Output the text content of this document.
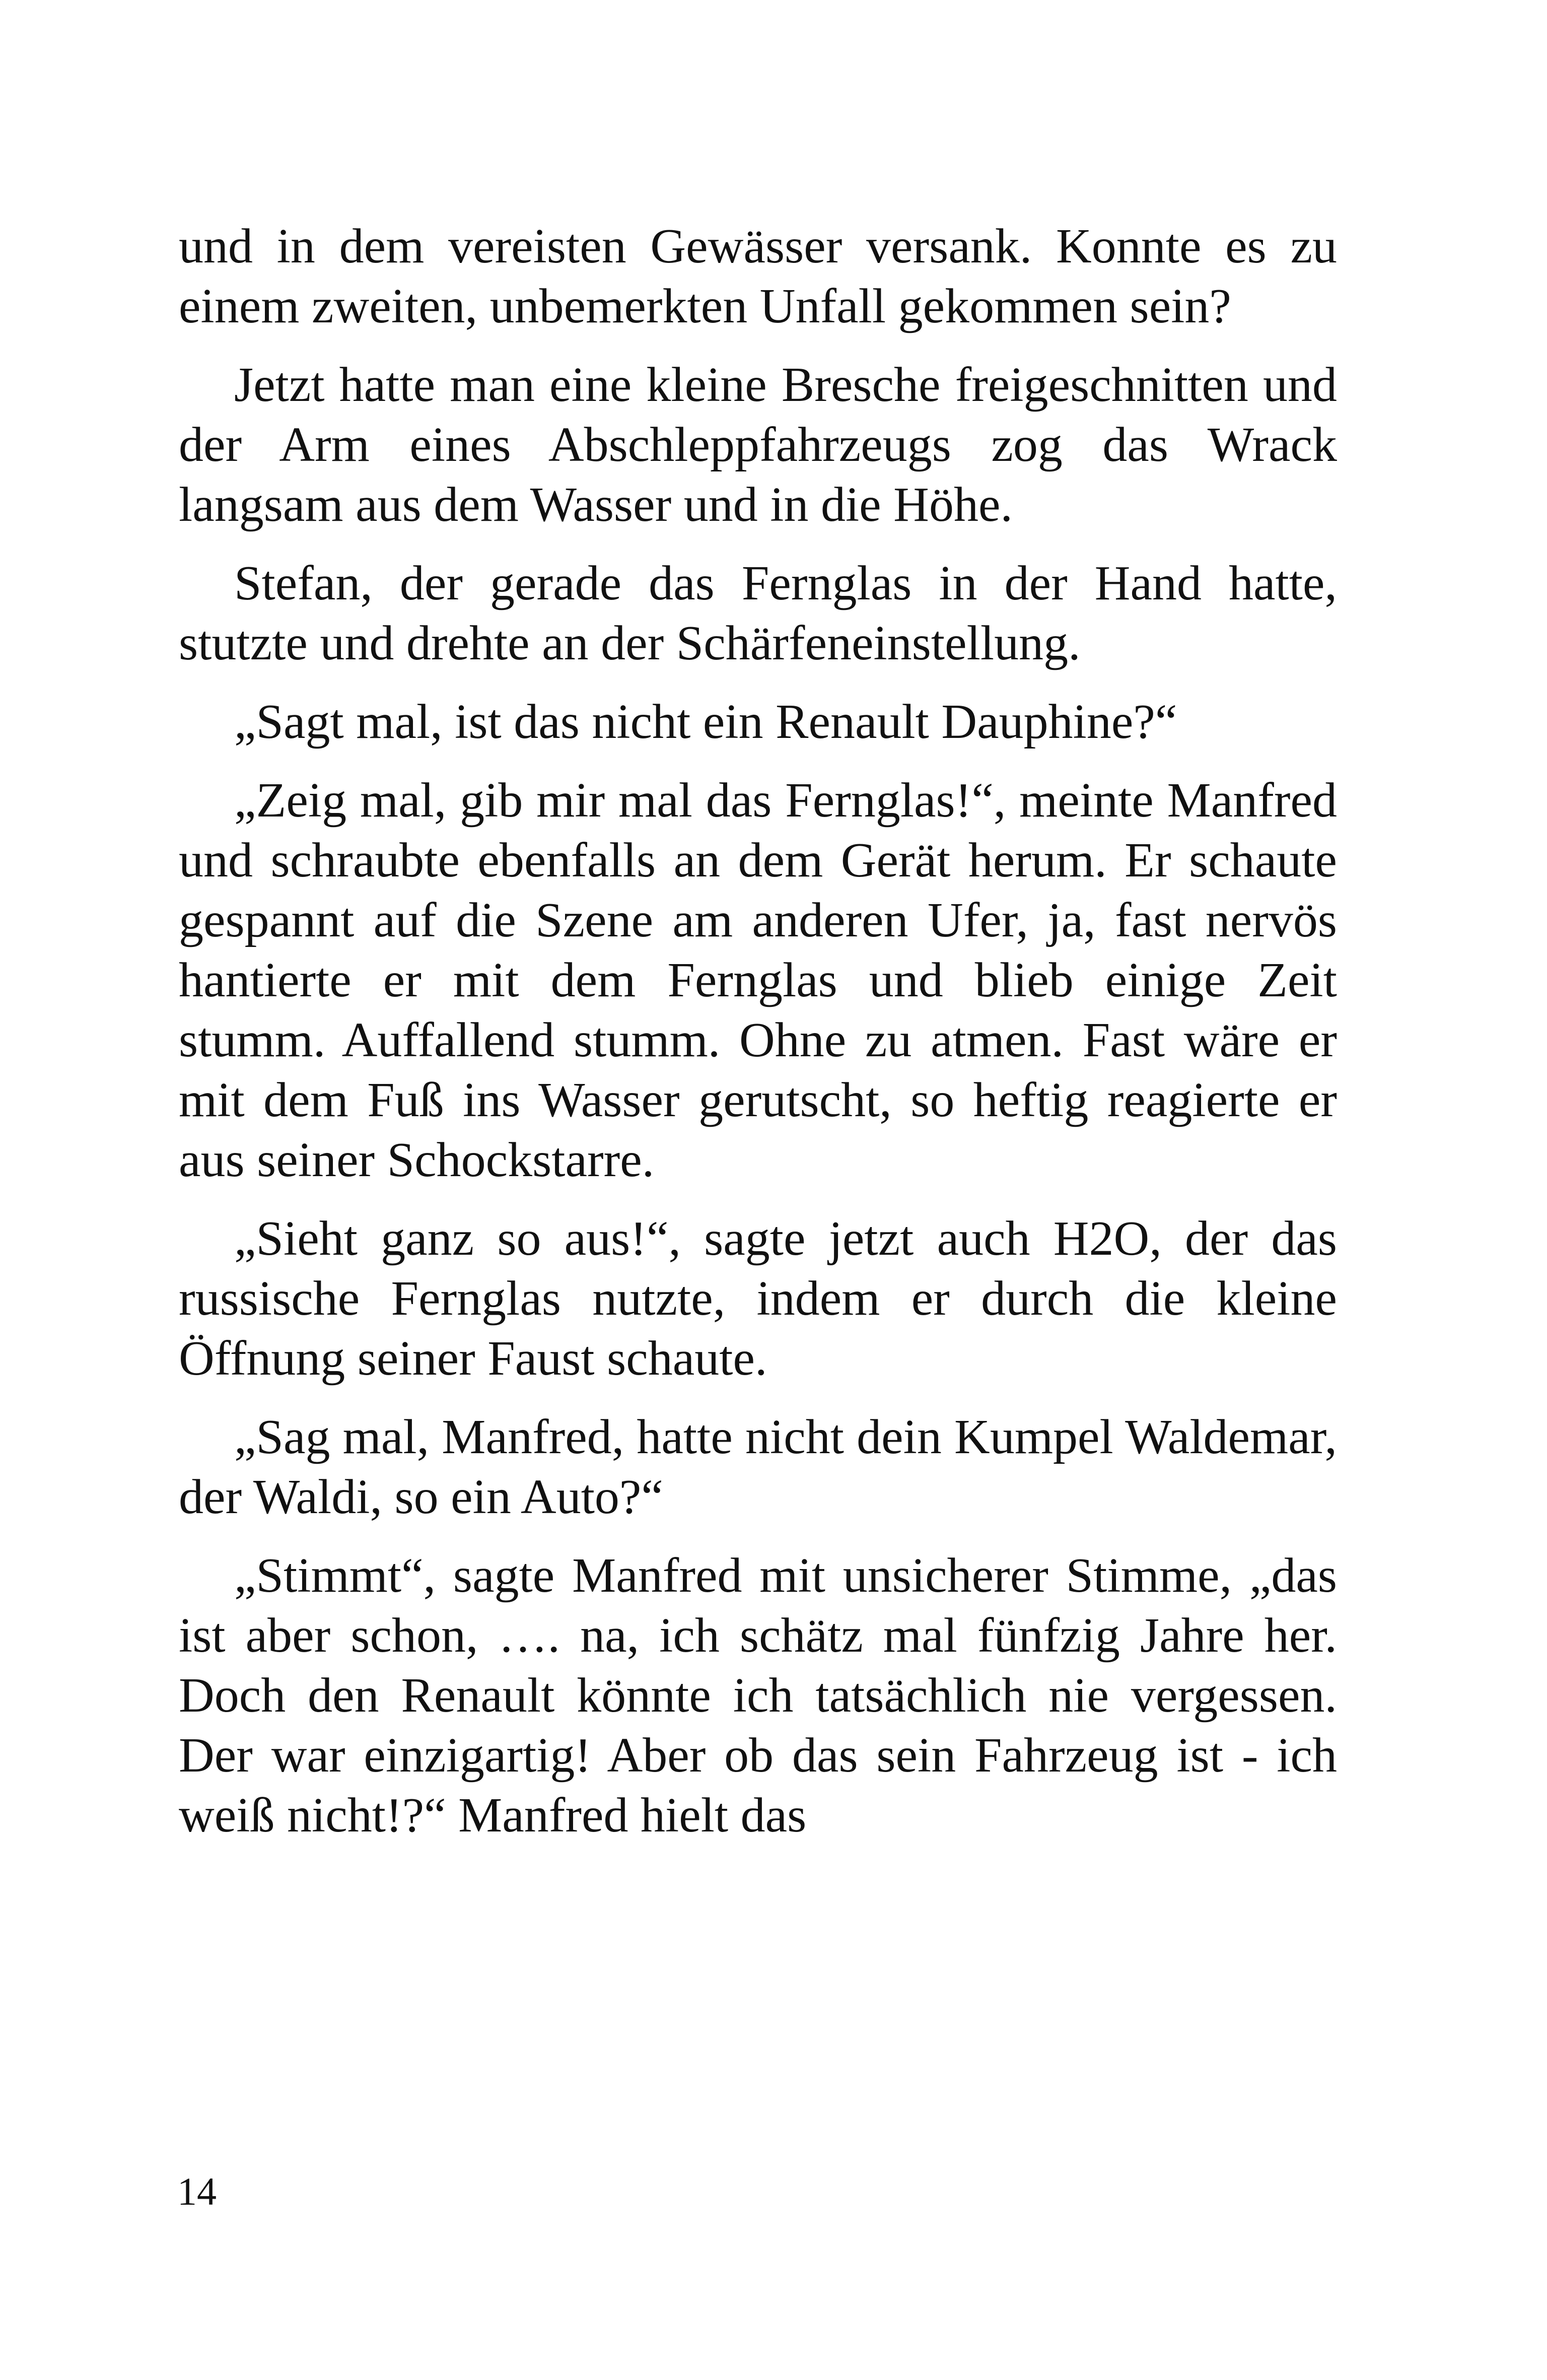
und in dem vereisten Gewässer versank. Konnte es zu einem zweiten, unbemerkten Unfall gekommen sein?

Jetzt hatte man eine kleine Bresche freigeschnitten und der Arm eines Abschleppfahrzeugs zog das Wrack langsam aus dem Wasser und in die Höhe.

Stefan, der gerade das Fernglas in der Hand hatte, stutzte und drehte an der Schärfeneinstellung.

„Sagt mal, ist das nicht ein Renault Dauphine?“

„Zeig mal, gib mir mal das Fernglas!“, meinte Manfred und schraubte ebenfalls an dem Gerät herum. Er schaute gespannt auf die Szene am anderen Ufer, ja, fast nervös hantierte er mit dem Fernglas und blieb einige Zeit stumm. Auffallend stumm. Ohne zu atmen. Fast wäre er mit dem Fuß ins Wasser gerutscht, so heftig reagierte er aus seiner Schockstarre.

„Sieht ganz so aus!“, sagte jetzt auch H2O, der das russische Fernglas nutzte, indem er durch die kleine Öffnung seiner Faust schaute.

„Sag mal, Manfred, hatte nicht dein Kumpel Waldemar, der Waldi, so ein Auto?“

„Stimmt“, sagte Manfred mit unsicherer Stimme, „das ist aber schon, …. na, ich schätz mal fünfzig Jahre her. Doch den Renault könnte ich tatsächlich nie vergessen. Der war einzigartig! Aber ob das sein Fahrzeug ist - ich weiß nicht!?“ Manfred hielt das

14
